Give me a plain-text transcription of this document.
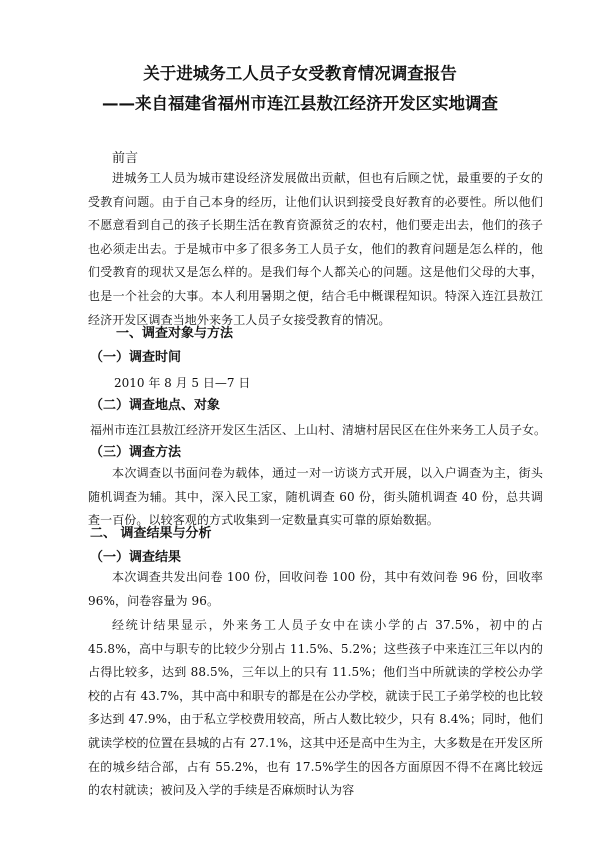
关于进城务工人员子女受教育情况调查报告
——来自福建省福州市连江县敖江经济开发区实地调查
前言

进城务工人员为城市建设经济发展做出贡献，但也有后顾之忧，最重要的子女的受教育问题。由于自己本身的经历，让他们认识到接受良好教育的必要性。所以他们不愿意看到自己的孩子长期生活在教育资源贫乏的农村，他们要走出去，他们的孩子也必须走出去。于是城市中多了很多务工人员子女，他们的教育问题是怎么样的，他们受教育的现状又是怎么样的。是我们每个人都关心的问题。这是他们父母的大事，也是一个社会的大事。本人利用暑期之便，结合毛中概课程知识。特深入连江县敖江经济开发区调查当地外来务工人员子女接受教育的情况。

一、调查对象与方法
（一）调查时间
2010 年 8 月 5 日—7 日
（二）调查地点、对象
福州市连江县敖江经济开发区生活区、上山村、清塘村居民区在住外来务工人员子女。
（三）调查方法

本次调查以书面问卷为载体，通过一对一访谈方式开展，以入户调查为主，街头随机调查为辅。其中，深入民工家，随机调查 60 份，街头随机调查 40 份，总共调查一百份。以较客观的方式收集到一定数量真实可靠的原始数据。

二、 调查结果与分析
（一）调查结果

本次调查共发出问卷 100 份，回收问卷 100 份，其中有效问卷 96 份，回收率 96%，问卷容量为 96。

经统计结果显示，外来务工人员子女中在读小学的占 37.5%，初中的占 45.8%，高中与职专的比较少分别占 11.5%、5.2%；这些孩子中来连江三年以内的占得比较多，达到 88.5%，三年以上的只有 11.5%；他们当中所就读的学校公办学校的占有 43.7%，其中高中和职专的都是在公办学校，就读于民工子弟学校的也比较多达到 47.9%，由于私立学校费用较高，所占人数比较少，只有 8.4%；同时，他们就读学校的位置在县城的占有 27.1%，这其中还是高中生为主，大多数是在开发区所在的城乡结合部，占有 55.2%，也有 17.5%学生的因各方面原因不得不在离比较远的农村就读；被问及入学的手续是否麻烦时认为容
